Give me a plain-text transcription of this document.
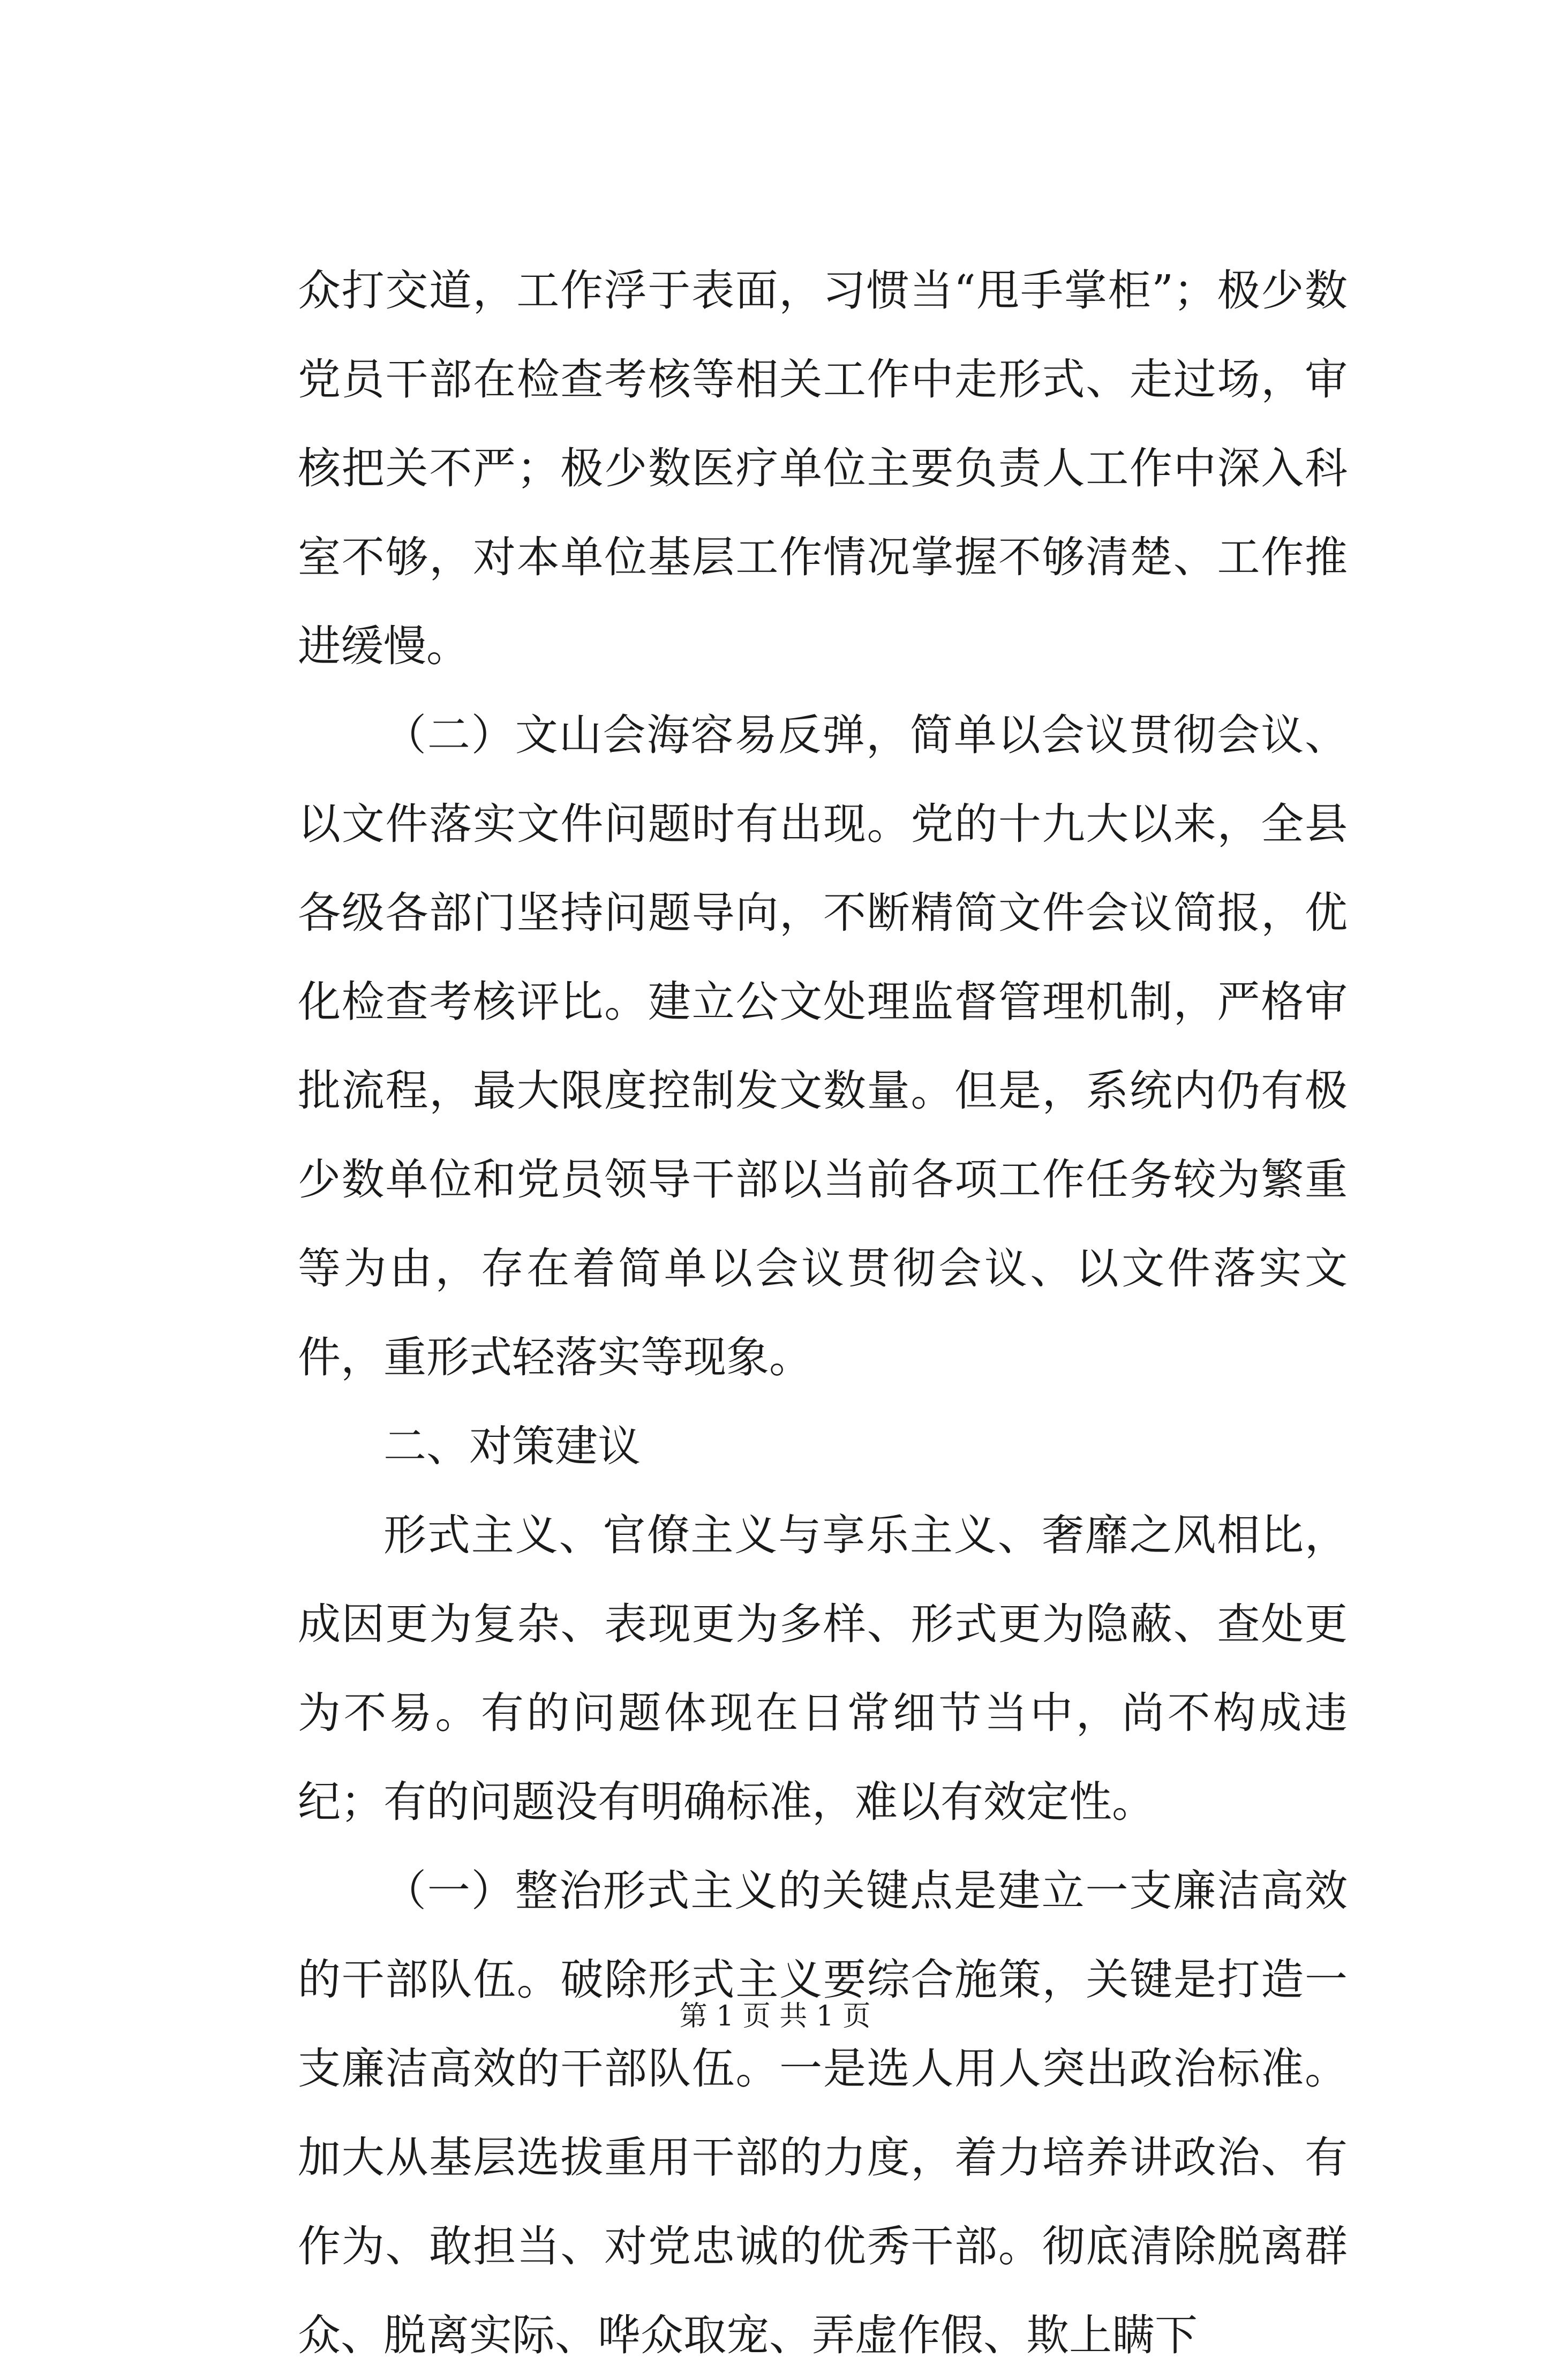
众打交道，工作浮于表面，习惯当“甩手掌柜”；极少数党员干部在检查考核等相关工作中走形式、走过场，审核把关不严；极少数医疗单位主要负责人工作中深入科室不够，对本单位基层工作情况掌握不够清楚、工作推进缓慢。

（二）文山会海容易反弹，简单以会议贯彻会议、以文件落实文件问题时有出现。党的十九大以来，全县各级各部门坚持问题导向，不断精简文件会议简报，优化检查考核评比。建立公文处理监督管理机制，严格审批流程，最大限度控制发文数量。但是，系统内仍有极少数单位和党员领导干部以当前各项工作任务较为繁重等为由，存在着简单以会议贯彻会议、以文件落实文件，重形式轻落实等现象。

二、对策建议

形式主义、官僚主义与享乐主义、奢靡之风相比，成因更为复杂、表现更为多样、形式更为隐蔽、查处更为不易。有的问题体现在日常细节当中，尚不构成违纪；有的问题没有明确标准，难以有效定性。

（一）整治形式主义的关键点是建立一支廉洁高效的干部队伍。破除形式主义要综合施策，关键是打造一支廉洁高效的干部队伍。一是选人用人突出政治标准。加大从基层选拔重用干部的力度，着力培养讲政治、有作为、敢担当、对党忠诚的优秀干部。彻底清除脱离群众、脱离实际、哗众取宠、弄虚作假、欺上瞒下

第 1 页 共 1 页
